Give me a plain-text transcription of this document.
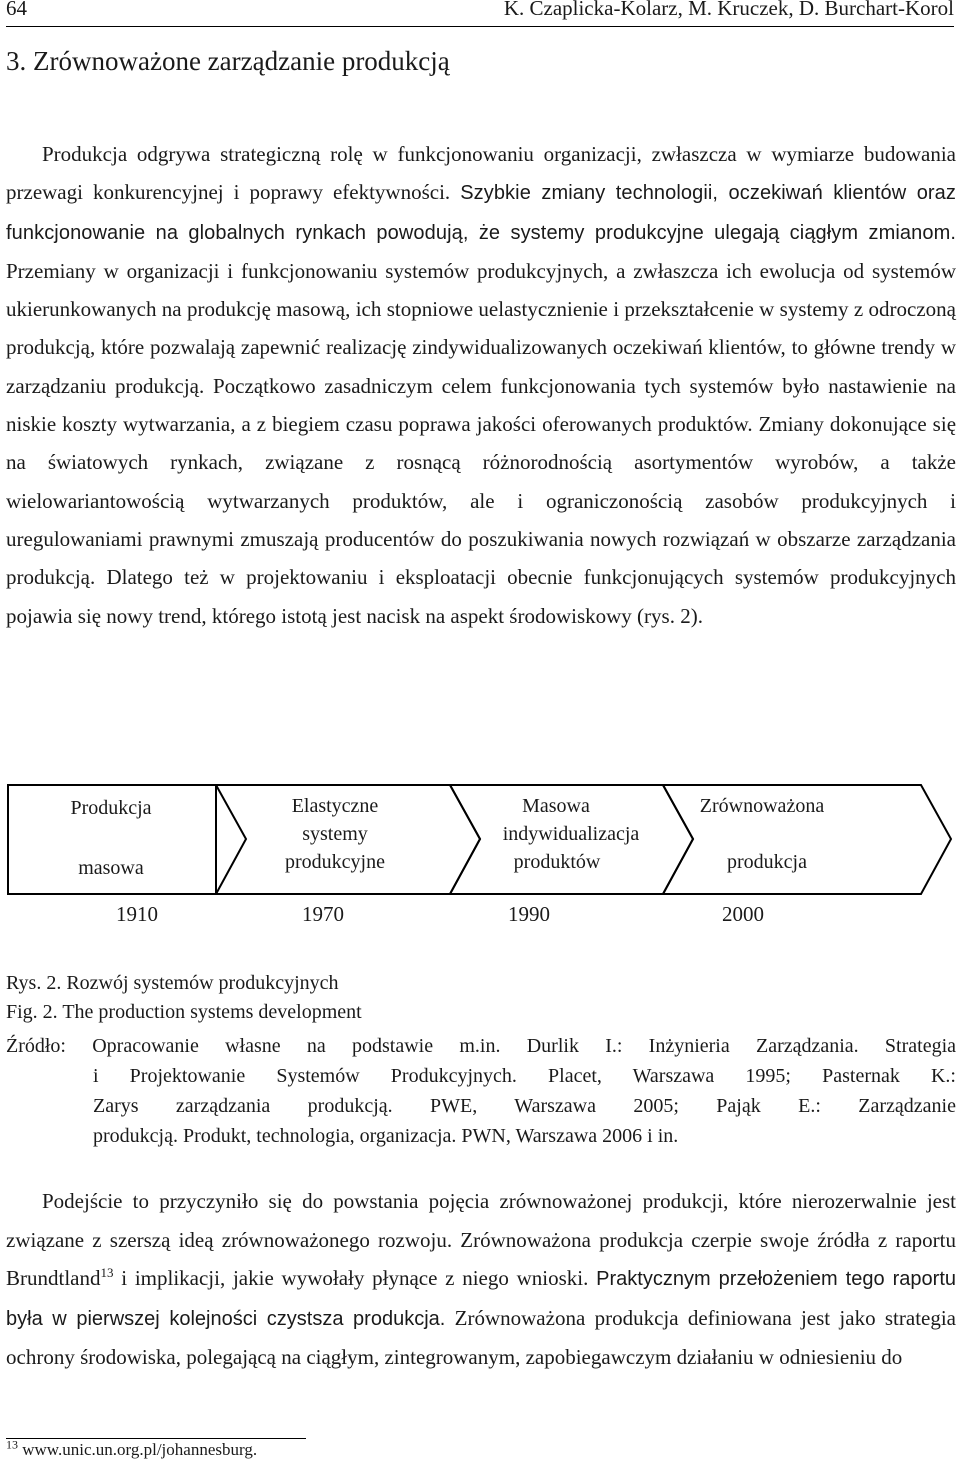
64	K. Czaplicka-Kolarz, M. Kruczek, D. Burchart-Korol
3. Zrównoważone zarządzanie produkcją

Produkcja odgrywa strategiczną rolę w funkcjonowaniu organizacji, zwłaszcza w wymiarze budowania przewagi konkurencyjnej i poprawy efektywności. Szybkie zmiany technologii, oczekiwań klientów oraz funkcjonowanie na globalnych rynkach powodują, że systemy produkcyjne ulegają ciągłym zmianom. Przemiany w organizacji i funkcjonowaniu systemów produkcyjnych, a zwłaszcza ich ewolucja od systemów ukierunkowanych na produkcję masową, ich stopniowe uelastycznienie i przekształcenie w systemy z odroczoną produkcją, które pozwalają zapewnić realizację zindywidualizowanych oczekiwań klientów, to główne trendy w zarządzaniu produkcją. Początkowo zasadniczym celem funkcjonowania tych systemów było nastawienie na niskie koszty wytwarzania, a z biegiem czasu poprawa jakości oferowanych produktów. Zmiany dokonujące się na światowych rynkach, związane z rosnącą różnorodnością asortymentów wyrobów, a także wielowariantowością wytwarzanych produktów, ale i ograniczonością zasobów produkcyjnych i uregulowaniami prawnymi zmuszają producentów do poszukiwania nowych rozwiązań w obszarze zarządzania produkcją. Dlatego też w projektowaniu i eksploatacji obecnie funkcjonujących systemów produkcyjnych pojawia się nowy trend, którego istotą jest nacisk na aspekt środowiskowy (rys. 2).

Produkcja
masowa
Elastyczne
systemy
produkcyjne
Masowa
indywidualizacja
produktów
Zrównoważona
produkcja
1910	1970	1990	2000
Rys. 2. Rozwój systemów produkcyjnych
Fig. 2. The production systems development
Źródło: Opracowanie własne na podstawie m.in. Durlik I.: Inżynieria Zarządzania. Strategia
i Projektowanie Systemów Produkcyjnych. Placet, Warszawa 1995; Pasternak K.:
Zarys zarządzania produkcją. PWE, Warszawa 2005; Pająk E.: Zarządzanie
produkcją. Produkt, technologia, organizacja. PWN, Warszawa 2006 i in.

Podejście to przyczyniło się do powstania pojęcia zrównoważonej produkcji, które nierozerwalnie jest związane z szerszą ideą zrównoważonego rozwoju. Zrównoważona produkcja czerpie swoje źródła z raportu Brundtland$^{13}$ i implikacji, jakie wywołały płynące z niego wnioski. Praktycznym przełożeniem tego raportu była w pierwszej kolejności czystsza produkcja. Zrównoważona produkcja definiowana jest jako strategia ochrony środowiska, polegającą na ciągłym, zintegrowanym, zapobiegawczym działaniu w odniesieniu do

$^{13}$ www.unic.un.org.pl/johannesburg.
